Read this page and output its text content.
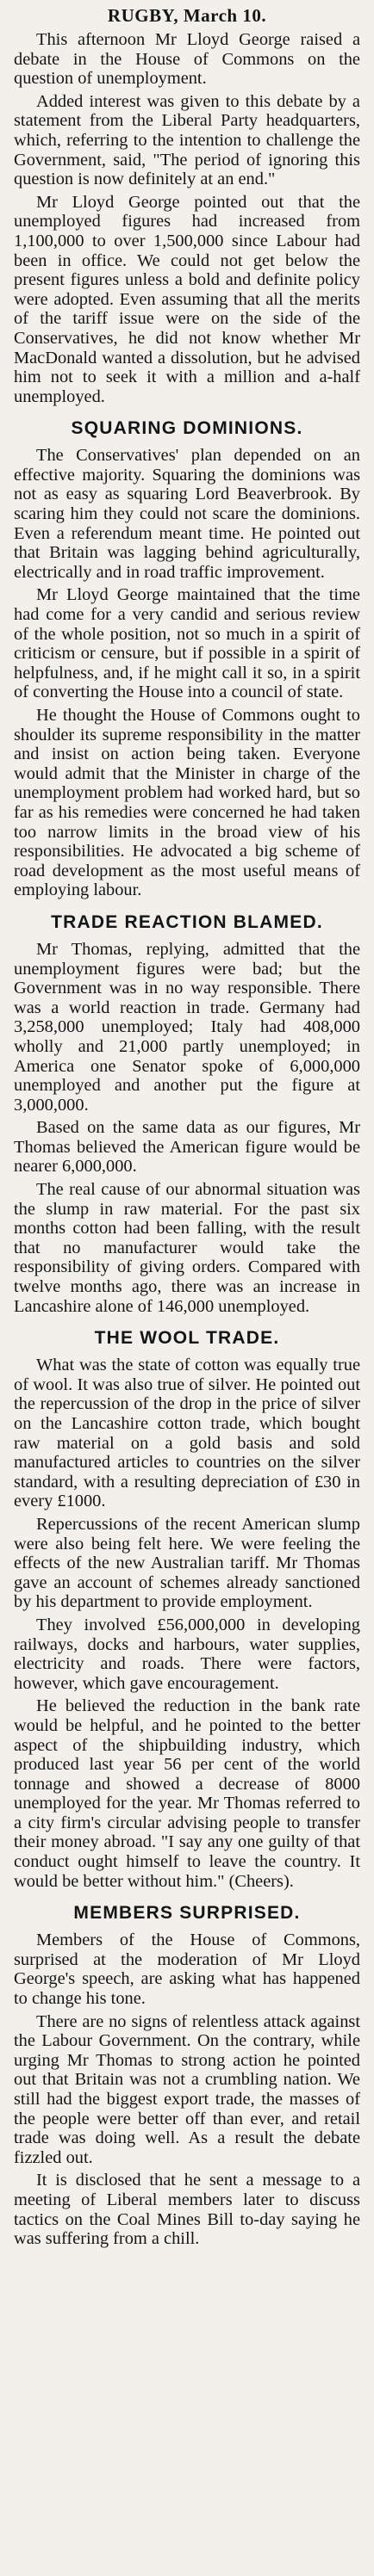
RUGBY, March 10.

This afternoon Mr Lloyd George raised a debate in the House of Commons on the question of unemployment.

Added interest was given to this debate by a statement from the Liberal Party headquarters, which, referring to the intention to challenge the Government, said, "The period of ignoring this question is now definitely at an end."

Mr Lloyd George pointed out that the unemployed figures had increased from 1,100,000 to over 1,500,000 since Labour had been in office. We could not get below the present figures unless a bold and definite policy were adopted. Even assuming that all the merits of the tariff issue were on the side of the Conservatives, he did not know whether Mr MacDonald wanted a dissolution, but he advised him not to seek it with a million and a-half unemployed.

SQUARING DOMINIONS.

The Conservatives' plan depended on an effective majority. Squaring the dominions was not as easy as squaring Lord Beaverbrook. By scaring him they could not scare the dominions. Even a referendum meant time. He pointed out that Britain was lagging behind agriculturally, electrically and in road traffic improvement.

Mr Lloyd George maintained that the time had come for a very candid and serious review of the whole position, not so much in a spirit of criticism or censure, but if possible in a spirit of helpfulness, and, if he might call it so, in a spirit of converting the House into a council of state.

He thought the House of Commons ought to shoulder its supreme responsibility in the matter and insist on action being taken. Everyone would admit that the Minister in charge of the unemployment problem had worked hard, but so far as his remedies were concerned he had taken too narrow limits in the broad view of his responsibilities. He advocated a big scheme of road development as the most useful means of employing labour.

TRADE REACTION BLAMED.

Mr Thomas, replying, admitted that the unemployment figures were bad; but the Government was in no way responsible. There was a world reaction in trade. Germany had 3,258,000 unemployed; Italy had 408,000 wholly and 21,000 partly unemployed; in America one Senator spoke of 6,000,000 unemployed and another put the figure at 3,000,000.

Based on the same data as our figures, Mr Thomas believed the American figure would be nearer 6,000,000.

The real cause of our abnormal situation was the slump in raw material. For the past six months cotton had been falling, with the result that no manufacturer would take the responsibility of giving orders. Compared with twelve months ago, there was an increase in Lancashire alone of 146,000 unemployed.

THE WOOL TRADE.

What was the state of cotton was equally true of wool. It was also true of silver. He pointed out the repercussion of the drop in the price of silver on the Lancashire cotton trade, which bought raw material on a gold basis and sold manufactured articles to countries on the silver standard, with a resulting depreciation of £30 in every £1000.

Repercussions of the recent American slump were also being felt here. We were feeling the effects of the new Australian tariff. Mr Thomas gave an account of schemes already sanctioned by his department to provide employment.

They involved £56,000,000 in developing railways, docks and harbours, water supplies, electricity and roads. There were factors, however, which gave encouragement.

He believed the reduction in the bank rate would be helpful, and he pointed to the better aspect of the shipbuilding industry, which produced last year 56 per cent of the world tonnage and showed a decrease of 8000 unemployed for the year. Mr Thomas referred to a city firm's circular advising people to transfer their money abroad. "I say any one guilty of that conduct ought himself to leave the country. It would be better without him." (Cheers).

MEMBERS SURPRISED.

Members of the House of Commons, surprised at the moderation of Mr Lloyd George's speech, are asking what has happened to change his tone.

There are no signs of relentless attack against the Labour Government. On the contrary, while urging Mr Thomas to strong action he pointed out that Britain was not a crumbling nation. We still had the biggest export trade, the masses of the people were better off than ever, and retail trade was doing well. As a result the debate fizzled out.

It is disclosed that he sent a message to a meeting of Liberal members later to discuss tactics on the Coal Mines Bill to-day saying he was suffering from a chill.
